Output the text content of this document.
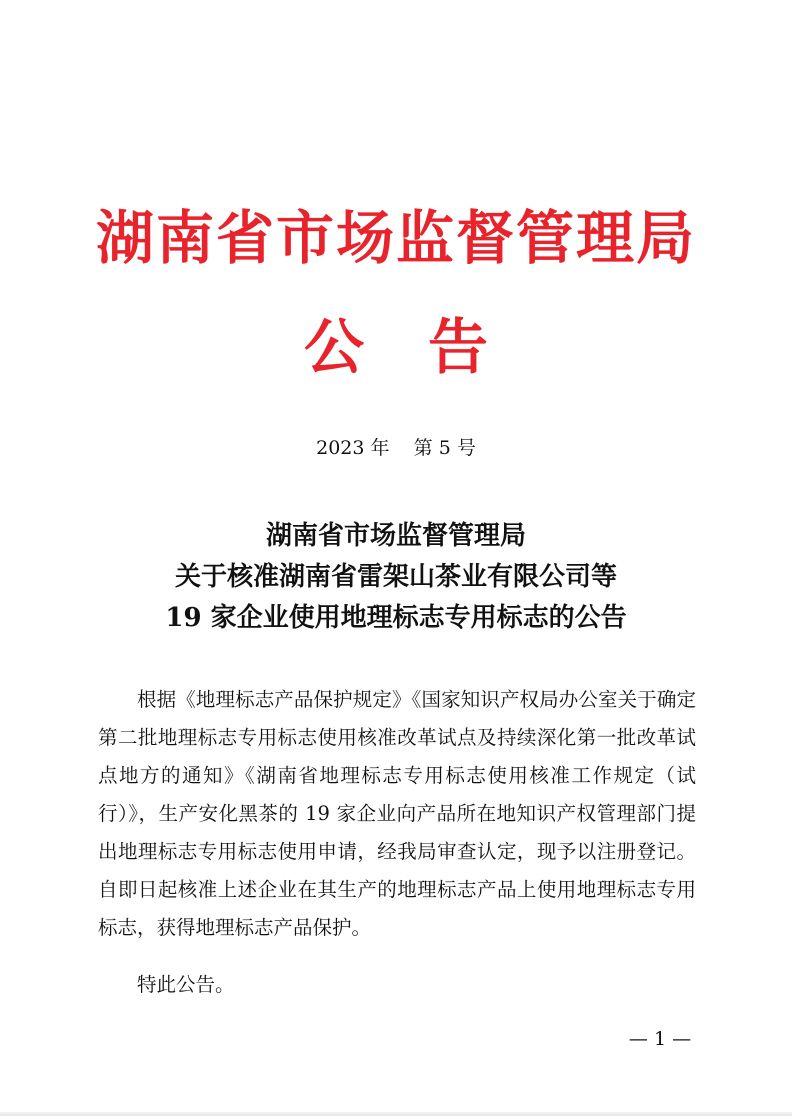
湖南省市场监督管理局
公 告
2023 年    第 5 号
湖南省市场监督管理局
关于核准湖南省雷架山茶业有限公司等
19 家企业使用地理标志专用标志的公告
根据《地理标志产品保护规定》《国家知识产权局办公室关于确定第二批地理标志专用标志使用核准改革试点及持续深化第一批改革试点地方的通知》《湖南省地理标志专用标志使用核准工作规定（试行）》，生产安化黑茶的 19 家企业向产品所在地知识产权管理部门提出地理标志专用标志使用申请，经我局审查认定，现予以注册登记。自即日起核准上述企业在其生产的地理标志产品上使用地理标志专用标志，获得地理标志产品保护。
特此公告。
— 1 —
